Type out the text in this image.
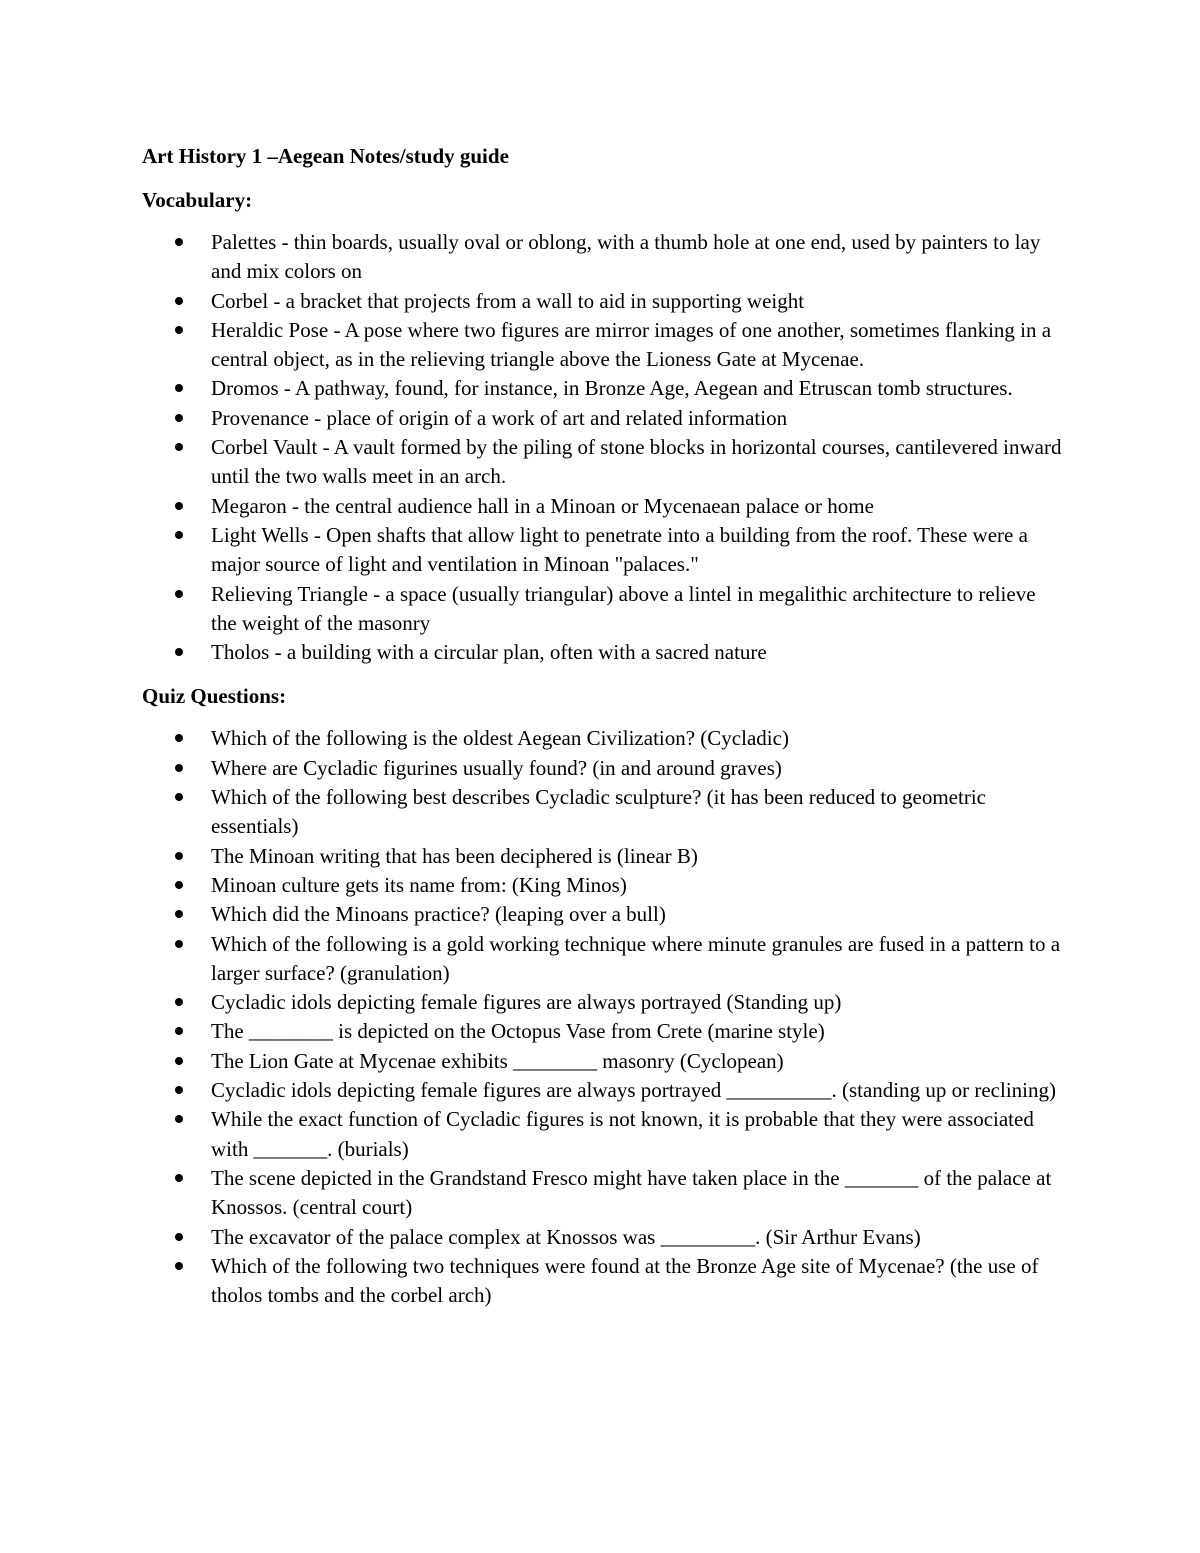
Art History 1 –Aegean Notes/study guide
Vocabulary:
Palettes - thin boards, usually oval or oblong, with a thumb hole at one end, used by painters to lay and mix colors on
Corbel - a bracket that projects from a wall to aid in supporting weight
Heraldic Pose - A pose where two figures are mirror images of one another, sometimes flanking in a central object, as in the relieving triangle above the Lioness Gate at Mycenae.
Dromos - A pathway, found, for instance, in Bronze Age, Aegean and Etruscan tomb structures.
Provenance - place of origin of a work of art and related information
Corbel Vault - A vault formed by the piling of stone blocks in horizontal courses, cantilevered inward until the two walls meet in an arch.
Megaron - the central audience hall in a Minoan or Mycenaean palace or home
Light Wells - Open shafts that allow light to penetrate into a building from the roof. These were a major source of light and ventilation in Minoan "palaces."
Relieving Triangle - a space (usually triangular) above a lintel in megalithic architecture to relieve the weight of the masonry
Tholos - a building with a circular plan, often with a sacred nature
Quiz Questions:
Which of the following is the oldest Aegean Civilization? (Cycladic)
Where are Cycladic figurines usually found? (in and around graves)
Which of the following best describes Cycladic sculpture? (it has been reduced to geometric essentials)
The Minoan writing that has been deciphered is (linear B)
Minoan culture gets its name from: (King Minos)
Which did the Minoans practice? (leaping over a bull)
Which of the following is a gold working technique where minute granules are fused in a pattern to a larger surface? (granulation)
Cycladic idols depicting female figures are always portrayed (Standing up)
The ________ is depicted on the Octopus Vase from Crete (marine style)
The Lion Gate at Mycenae exhibits ________ masonry (Cyclopean)
Cycladic idols depicting female figures are always portrayed __________. (standing up or reclining)
While the exact function of Cycladic figures is not known, it is probable that they were associated with _______. (burials)
The scene depicted in the Grandstand Fresco might have taken place in the _______ of the palace at Knossos. (central court)
The excavator of the palace complex at Knossos was _________. (Sir Arthur Evans)
Which of the following two techniques were found at the Bronze Age site of Mycenae? (the use of tholos tombs and the corbel arch)
